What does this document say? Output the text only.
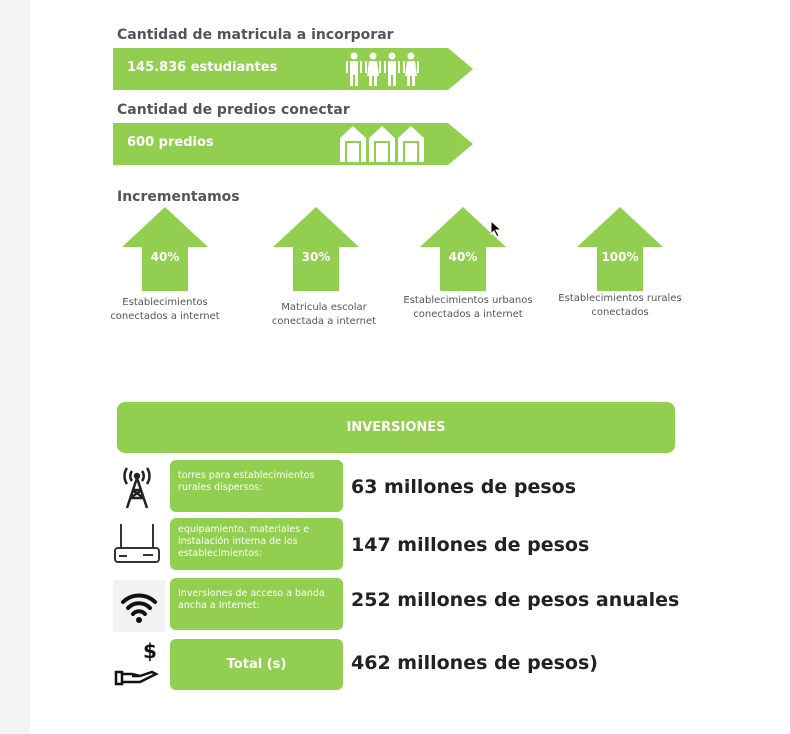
Cantidad de matricula a incorporar
145.836 estudiantes
Cantidad de predios conectar
600 predios
Incrementamos
40%
Establecimientos conectados a internet
30%
Matricula escolar conectada a internet
40%
Establecimientos urbanos conectados a internet
100%
Establecimientos rurales conectados
INVERSIONES
torres para establecimientos rurales dispersos:	63 millones de pesos
equipamiento, materiales e instalación interna de los establecimientos:	147 millones de pesos
Inversiones de acceso a banda ancha a Internet:	252 millones de pesos anuales
$
Total (s)	462 millones de pesos)
